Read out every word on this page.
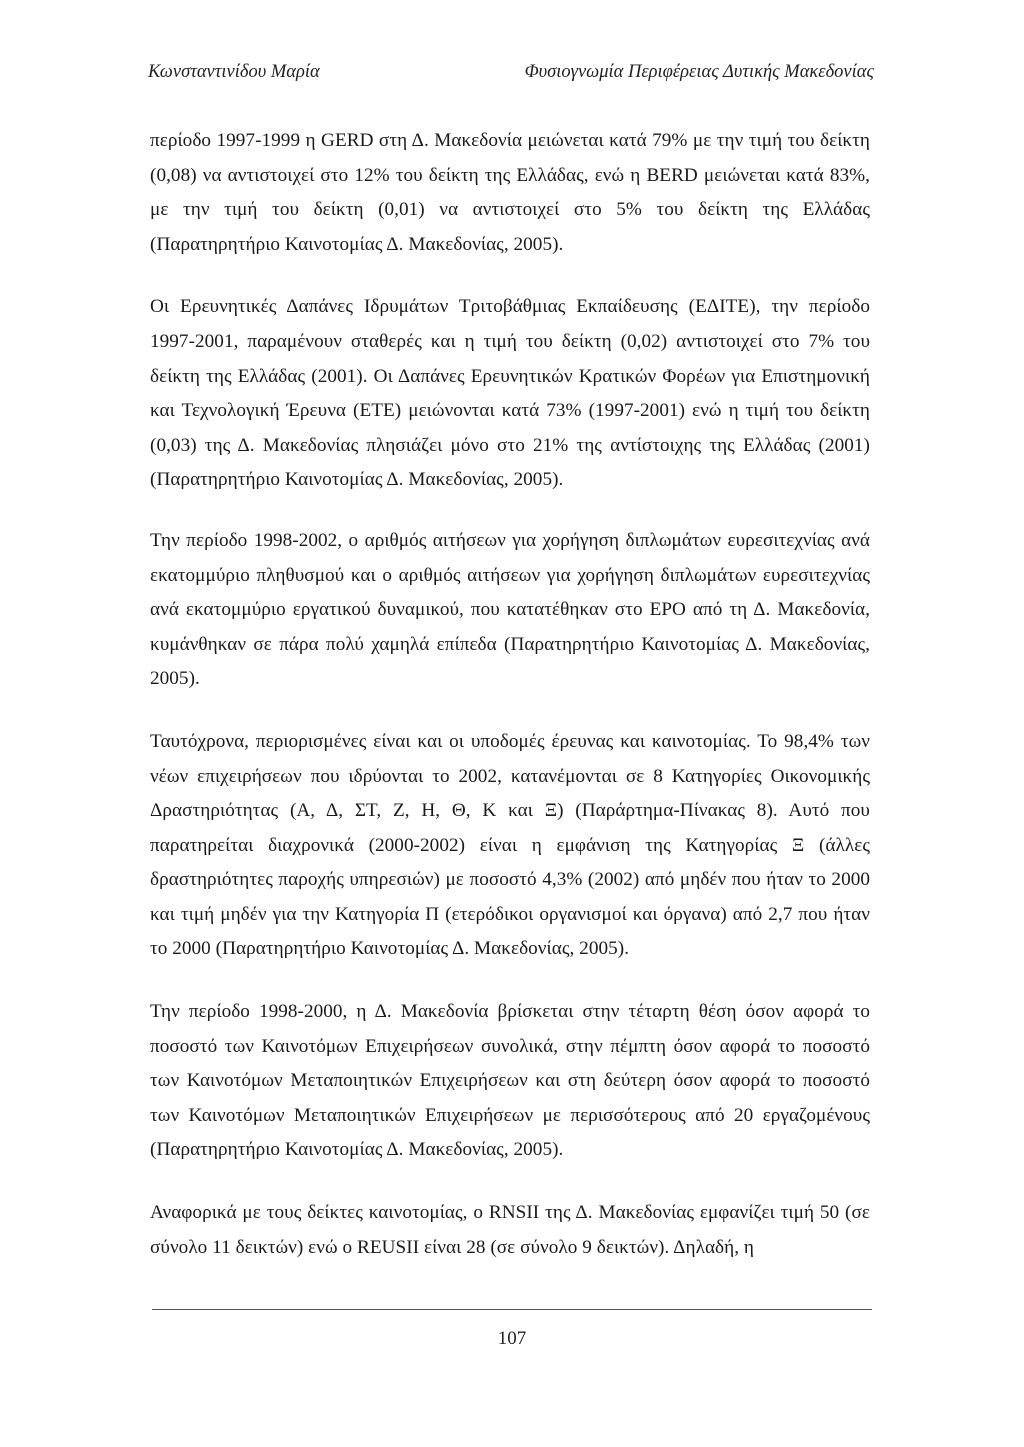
Κωνσταντινίδου Μαρία	Φυσιογνωμία Περιφέρειας Δυτικής Μακεδονίας

περίοδο 1997-1999 η GERD στη Δ. Μακεδονία μειώνεται κατά 79% με την τιμή του δείκτη (0,08) να αντιστοιχεί στο 12% του δείκτη της Ελλάδας, ενώ η BERD μειώνεται κατά 83%, με την τιμή του δείκτη (0,01) να αντιστοιχεί στο 5% του δείκτη της Ελλάδας (Παρατηρητήριο Καινοτομίας Δ. Μακεδονίας, 2005).

Οι Ερευνητικές Δαπάνες Ιδρυμάτων Τριτοβάθμιας Εκπαίδευσης (ΕΔΙΤΕ), την περίοδο 1997-2001, παραμένουν σταθερές και η τιμή του δείκτη (0,02) αντιστοιχεί στο 7% του δείκτη της Ελλάδας (2001). Οι Δαπάνες Ερευνητικών Κρατικών Φορέων για Επιστημονική και Τεχνολογική Έρευνα (ΕΤΕ) μειώνονται κατά 73% (1997-2001) ενώ η τιμή του δείκτη (0,03) της Δ. Μακεδονίας πλησιάζει μόνο στο 21% της αντίστοιχης της Ελλάδας (2001) (Παρατηρητήριο Καινοτομίας Δ. Μακεδονίας, 2005).

Την περίοδο 1998-2002, ο αριθμός αιτήσεων για χορήγηση διπλωμάτων ευρεσιτεχνίας ανά εκατομμύριο πληθυσμού και ο αριθμός αιτήσεων για χορήγηση διπλωμάτων ευρεσιτεχνίας ανά εκατομμύριο εργατικού δυναμικού, που κατατέθηκαν στο EPO από τη Δ. Μακεδονία, κυμάνθηκαν σε πάρα πολύ χαμηλά επίπεδα (Παρατηρητήριο Καινοτομίας Δ. Μακεδονίας, 2005).

Ταυτόχρονα, περιορισμένες είναι και οι υποδομές έρευνας και καινοτομίας. Το 98,4% των νέων επιχειρήσεων που ιδρύονται το 2002, κατανέμονται σε 8 Κατηγορίες Οικονομικής Δραστηριότητας (Α, Δ, ΣΤ, Ζ, Η, Θ, Κ και Ξ) (Παράρτημα-Πίνακας 8). Αυτό που παρατηρείται διαχρονικά (2000-2002) είναι η εμφάνιση της Κατηγορίας Ξ (άλλες δραστηριότητες παροχής υπηρεσιών) με ποσοστό 4,3% (2002) από μηδέν που ήταν το 2000 και τιμή μηδέν για την Κατηγορία Π (ετερόδικοι οργανισμοί και όργανα) από 2,7 που ήταν το 2000 (Παρατηρητήριο Καινοτομίας Δ. Μακεδονίας, 2005).

Την περίοδο 1998-2000, η Δ. Μακεδονία βρίσκεται στην τέταρτη θέση όσον αφορά το ποσοστό των Καινοτόμων Επιχειρήσεων συνολικά, στην πέμπτη όσον αφορά το ποσοστό των Καινοτόμων Μεταποιητικών Επιχειρήσεων και στη δεύτερη όσον αφορά το ποσοστό των Καινοτόμων Μεταποιητικών Επιχειρήσεων με περισσότερους από 20 εργαζομένους (Παρατηρητήριο Καινοτομίας Δ. Μακεδονίας, 2005).

Αναφορικά με τους δείκτες καινοτομίας, ο RNSII της Δ. Μακεδονίας εμφανίζει τιμή 50 (σε σύνολο 11 δεικτών) ενώ ο REUSII είναι 28 (σε σύνολο 9 δεικτών). Δηλαδή, η

107
